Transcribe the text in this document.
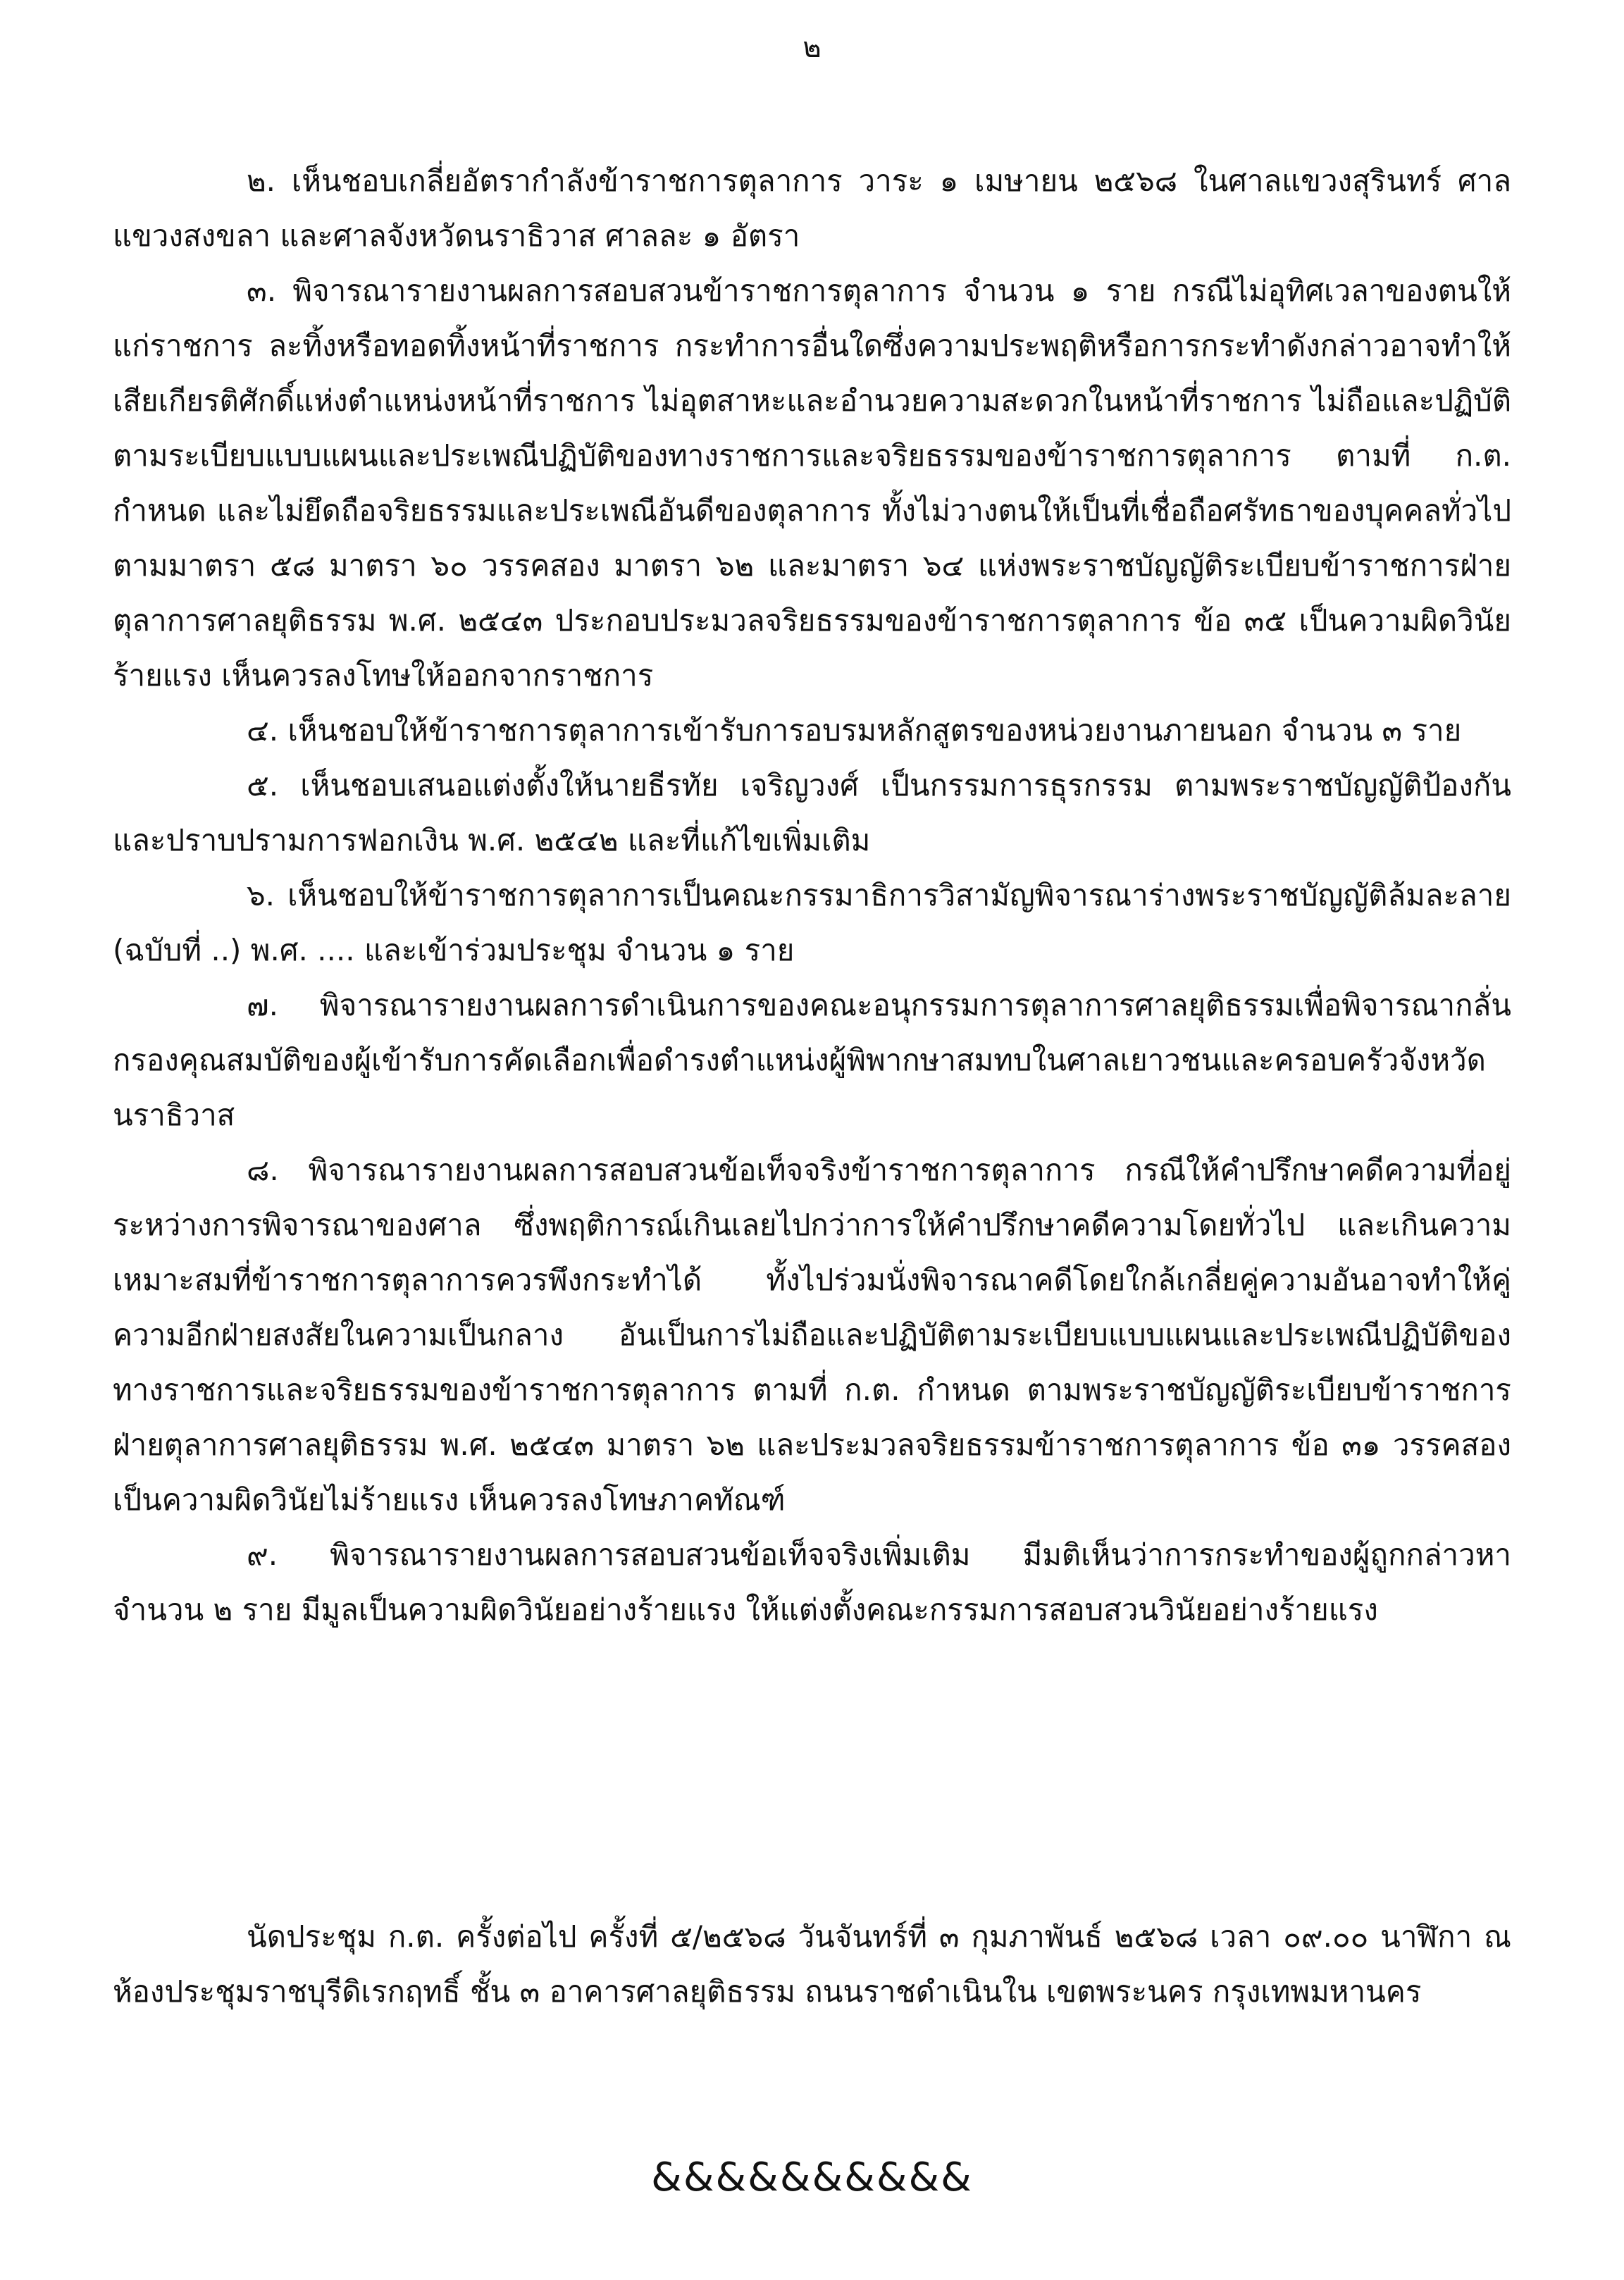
๒

๒. เห็นชอบเกลี่ยอัตรากำลังข้าราชการตุลาการ วาระ ๑ เมษายน ๒๕๖๘ ในศาลแขวงสุรินทร์ ศาลแขวงสงขลา และศาลจังหวัดนราธิวาส ศาลละ ๑ อัตรา

๓. พิจารณารายงานผลการสอบสวนข้าราชการตุลาการ จำนวน ๑ ราย กรณีไม่อุทิศเวลาของตนให้แก่ราชการ ละทิ้งหรือทอดทิ้งหน้าที่ราชการ กระทำการอื่นใดซึ่งความประพฤติหรือการกระทำดังกล่าวอาจทำให้เสียเกียรติศักดิ์แห่งตำแหน่งหน้าที่ราชการ ไม่อุตสาหะและอำนวยความสะดวกในหน้าที่ราชการ ไม่ถือและปฏิบัติตามระเบียบแบบแผนและประเพณีปฏิบัติของทางราชการและจริยธรรมของข้าราชการตุลาการ ตามที่ ก.ต. กำหนด และไม่ยึดถือจริยธรรมและประเพณีอันดีของตุลาการ ทั้งไม่วางตนให้เป็นที่เชื่อถือศรัทธาของบุคคลทั่วไป ตามมาตรา ๕๘ มาตรา ๖๐ วรรคสอง มาตรา ๖๒ และมาตรา ๖๔ แห่งพระราชบัญญัติระเบียบข้าราชการฝ่ายตุลาการศาลยุติธรรม พ.ศ. ๒๕๔๓ ประกอบประมวลจริยธรรมของข้าราชการตุลาการ ข้อ ๓๕ เป็นความผิดวินัยร้ายแรง เห็นควรลงโทษให้ออกจากราชการ

๔. เห็นชอบให้ข้าราชการตุลาการเข้ารับการอบรมหลักสูตรของหน่วยงานภายนอก จำนวน ๓ ราย

๕. เห็นชอบเสนอแต่งตั้งให้นายธีรทัย เจริญวงศ์ เป็นกรรมการธุรกรรม ตามพระราชบัญญัติป้องกันและปราบปรามการฟอกเงิน พ.ศ. ๒๕๔๒ และที่แก้ไขเพิ่มเติม

๖. เห็นชอบให้ข้าราชการตุลาการเป็นคณะกรรมาธิการวิสามัญพิจารณาร่างพระราชบัญญัติล้มละลาย (ฉบับที่ ..) พ.ศ. .... และเข้าร่วมประชุม จำนวน ๑ ราย

๗. พิจารณารายงานผลการดำเนินการของคณะอนุกรรมการตุลาการศาลยุติธรรมเพื่อพิจารณากลั่นกรองคุณสมบัติของผู้เข้ารับการคัดเลือกเพื่อดำรงตำแหน่งผู้พิพากษาสมทบในศาลเยาวชนและครอบครัวจังหวัดนราธิวาส

๘. พิจารณารายงานผลการสอบสวนข้อเท็จจริงข้าราชการตุลาการ กรณีให้คำปรึกษาคดีความที่อยู่ระหว่างการพิจารณาของศาล ซึ่งพฤติการณ์เกินเลยไปกว่าการให้คำปรึกษาคดีความโดยทั่วไป และเกินความเหมาะสมที่ข้าราชการตุลาการควรพึงกระทำได้ ทั้งไปร่วมนั่งพิจารณาคดีโดยใกล้เกลี่ยคู่ความอันอาจทำให้คู่ความอีกฝ่ายสงสัยในความเป็นกลาง อันเป็นการไม่ถือและปฏิบัติตามระเบียบแบบแผนและประเพณีปฏิบัติของทางราชการและจริยธรรมของข้าราชการตุลาการ ตามที่ ก.ต. กำหนด ตามพระราชบัญญัติระเบียบข้าราชการฝ่ายตุลาการศาลยุติธรรม พ.ศ. ๒๕๔๓ มาตรา ๖๒ และประมวลจริยธรรมข้าราชการตุลาการ ข้อ ๓๑ วรรคสอง เป็นความผิดวินัยไม่ร้ายแรง เห็นควรลงโทษภาคทัณฑ์

๙. พิจารณารายงานผลการสอบสวนข้อเท็จจริงเพิ่มเติม มีมติเห็นว่าการกระทำของผู้ถูกกล่าวหาจำนวน ๒ ราย มีมูลเป็นความผิดวินัยอย่างร้ายแรง ให้แต่งตั้งคณะกรรมการสอบสวนวินัยอย่างร้ายแรง

นัดประชุม ก.ต. ครั้งต่อไป ครั้งที่ ๕/๒๕๖๘ วันจันทร์ที่ ๓ กุมภาพันธ์ ๒๕๖๘ เวลา ๐๙.๐๐ นาฬิกา ณ ห้องประชุมราชบุรีดิเรกฤทธิ์ ชั้น ๓ อาคารศาลยุติธรรม ถนนราชดำเนินใน เขตพระนคร กรุงเทพมหานคร

&&&&&&&&&&
